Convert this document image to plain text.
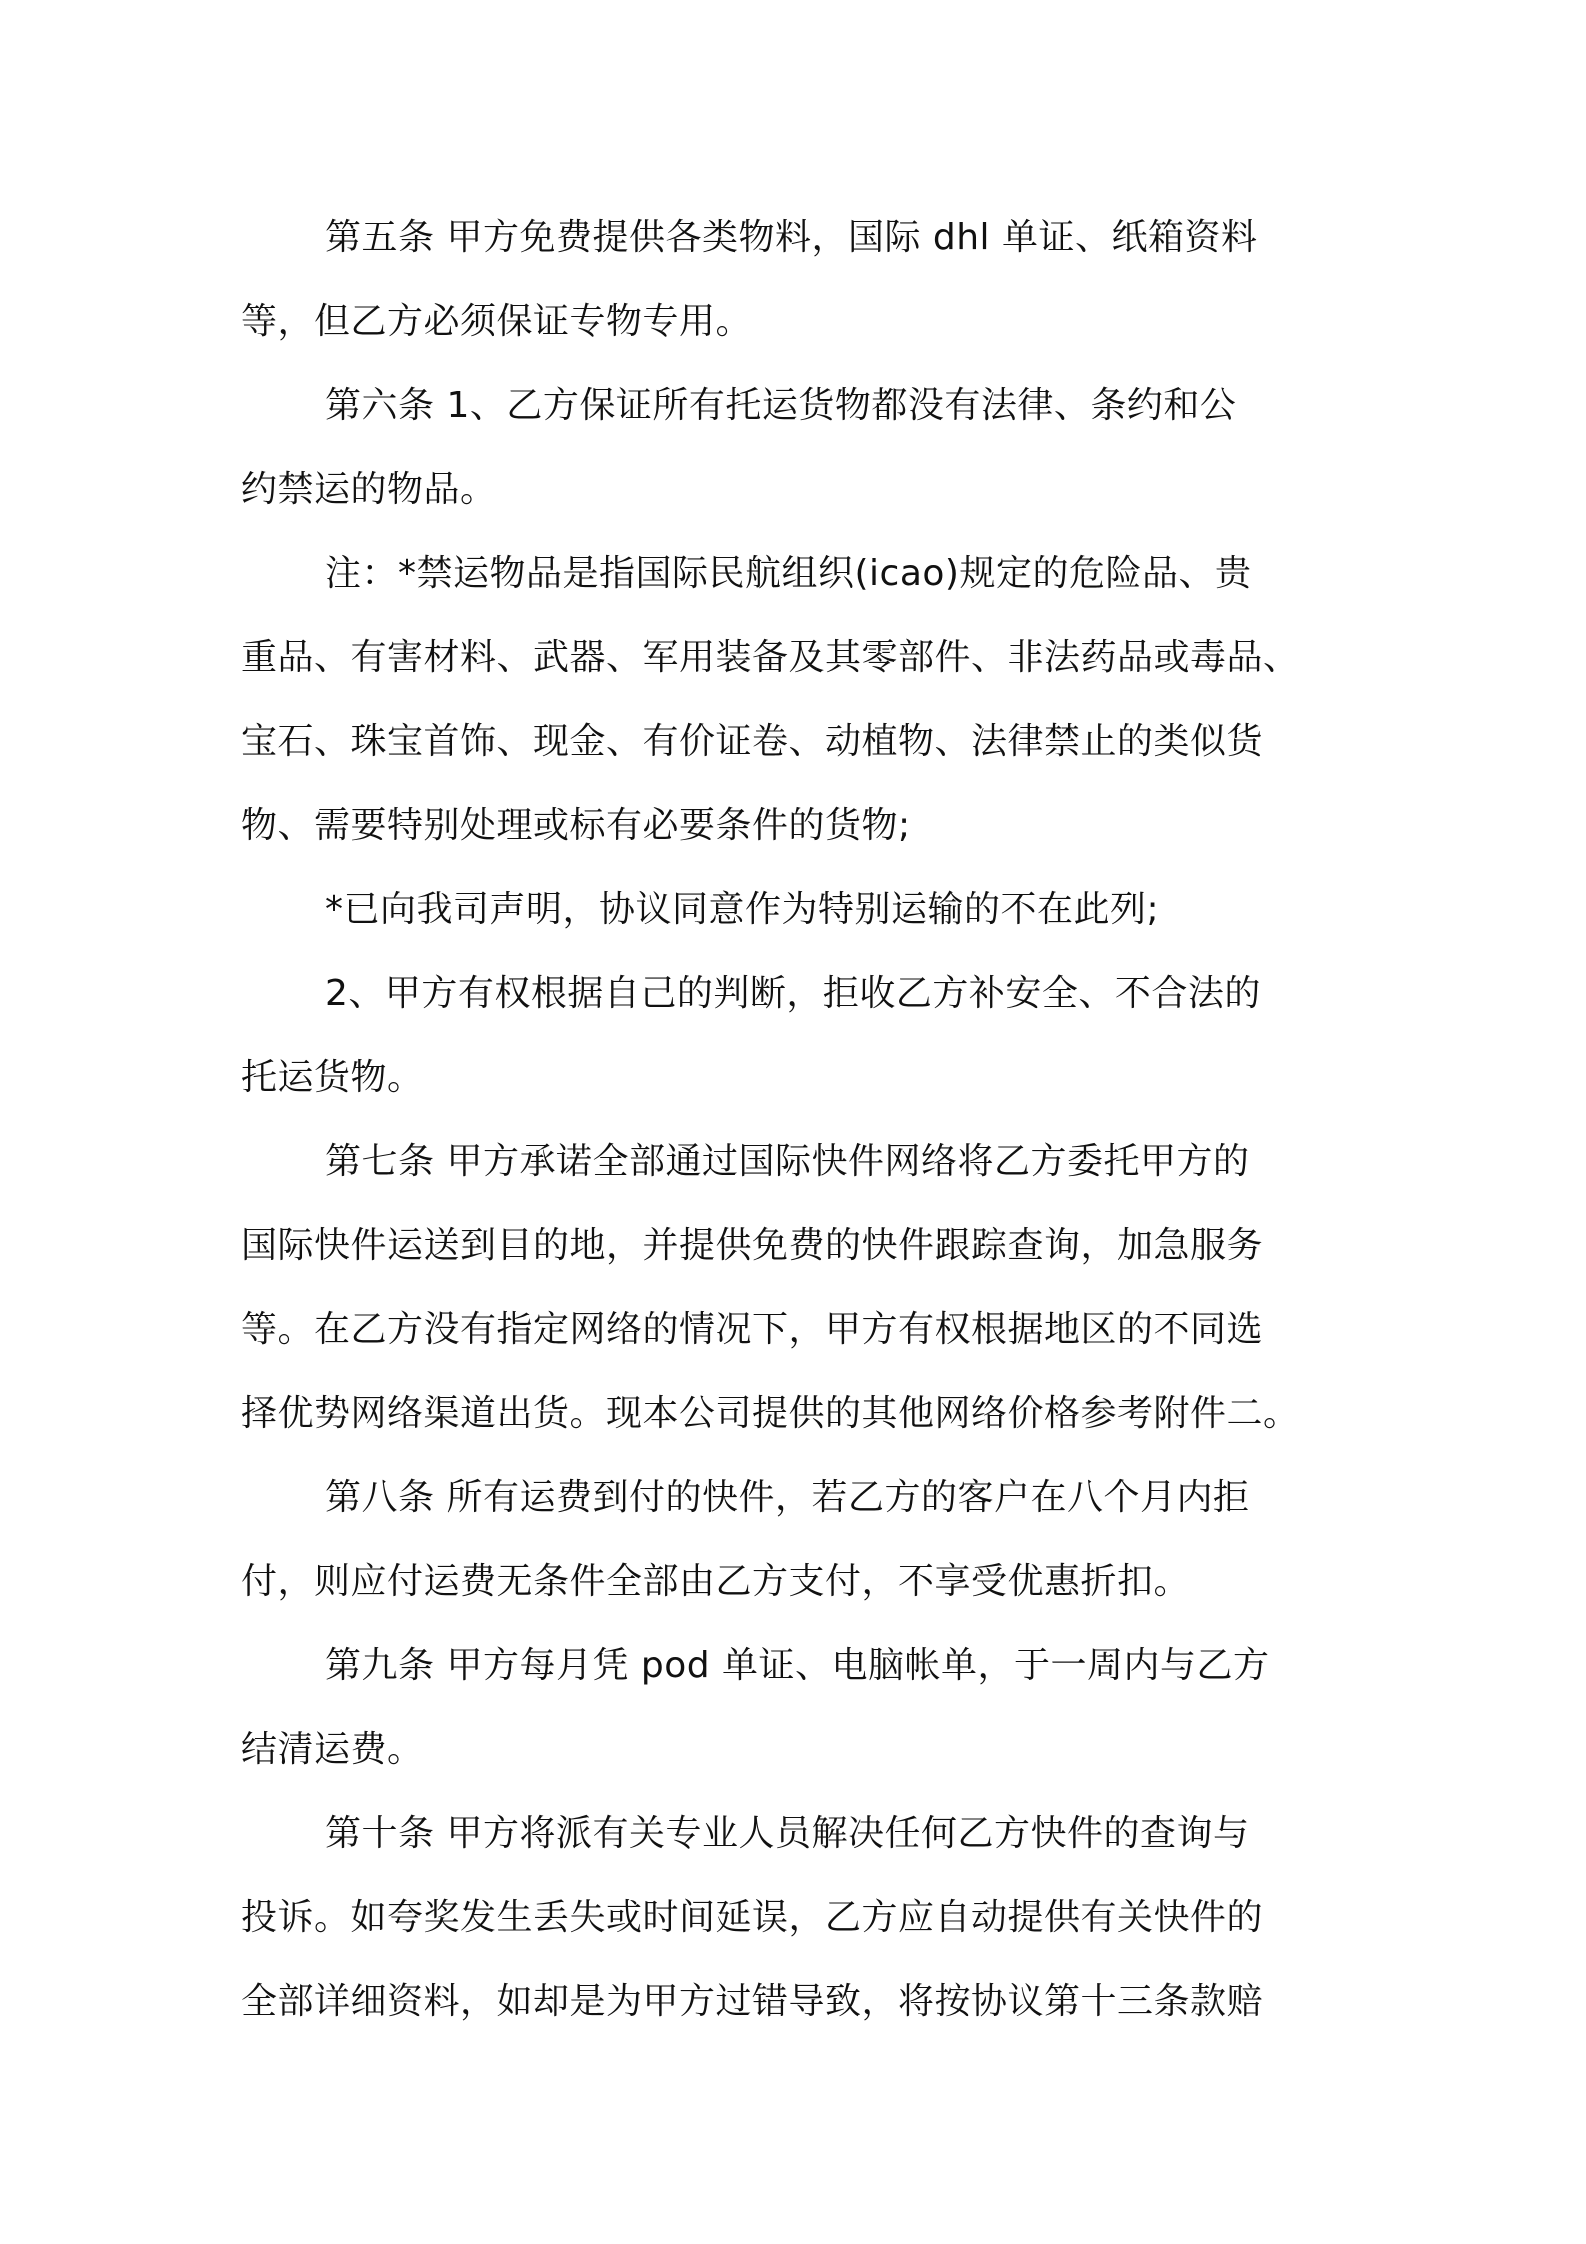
第五条 甲方免费提供各类物料，国际 dhl 单证、纸箱资料
等，但乙方必须保证专物专用。
第六条 1、乙方保证所有托运货物都没有法律、条约和公
约禁运的物品。
注：*禁运物品是指国际民航组织(icao)规定的危险品、贵
重品、有害材料、武器、军用装备及其零部件、非法药品或毒品、
宝石、珠宝首饰、现金、有价证卷、动植物、法律禁止的类似货
物、需要特别处理或标有必要条件的货物;
*已向我司声明，协议同意作为特别运输的不在此列;
2、甲方有权根据自己的判断，拒收乙方补安全、不合法的
托运货物。
第七条 甲方承诺全部通过国际快件网络将乙方委托甲方的
国际快件运送到目的地，并提供免费的快件跟踪查询，加急服务
等。在乙方没有指定网络的情况下，甲方有权根据地区的不同选
择优势网络渠道出货。现本公司提供的其他网络价格参考附件二。
第八条 所有运费到付的快件，若乙方的客户在八个月内拒
付，则应付运费无条件全部由乙方支付，不享受优惠折扣。
第九条 甲方每月凭 pod 单证、电脑帐单，于一周内与乙方
结清运费。
第十条 甲方将派有关专业人员解决任何乙方快件的查询与
投诉。如夸奖发生丢失或时间延误，乙方应自动提供有关快件的
全部详细资料，如却是为甲方过错导致，将按协议第十三条款赔
